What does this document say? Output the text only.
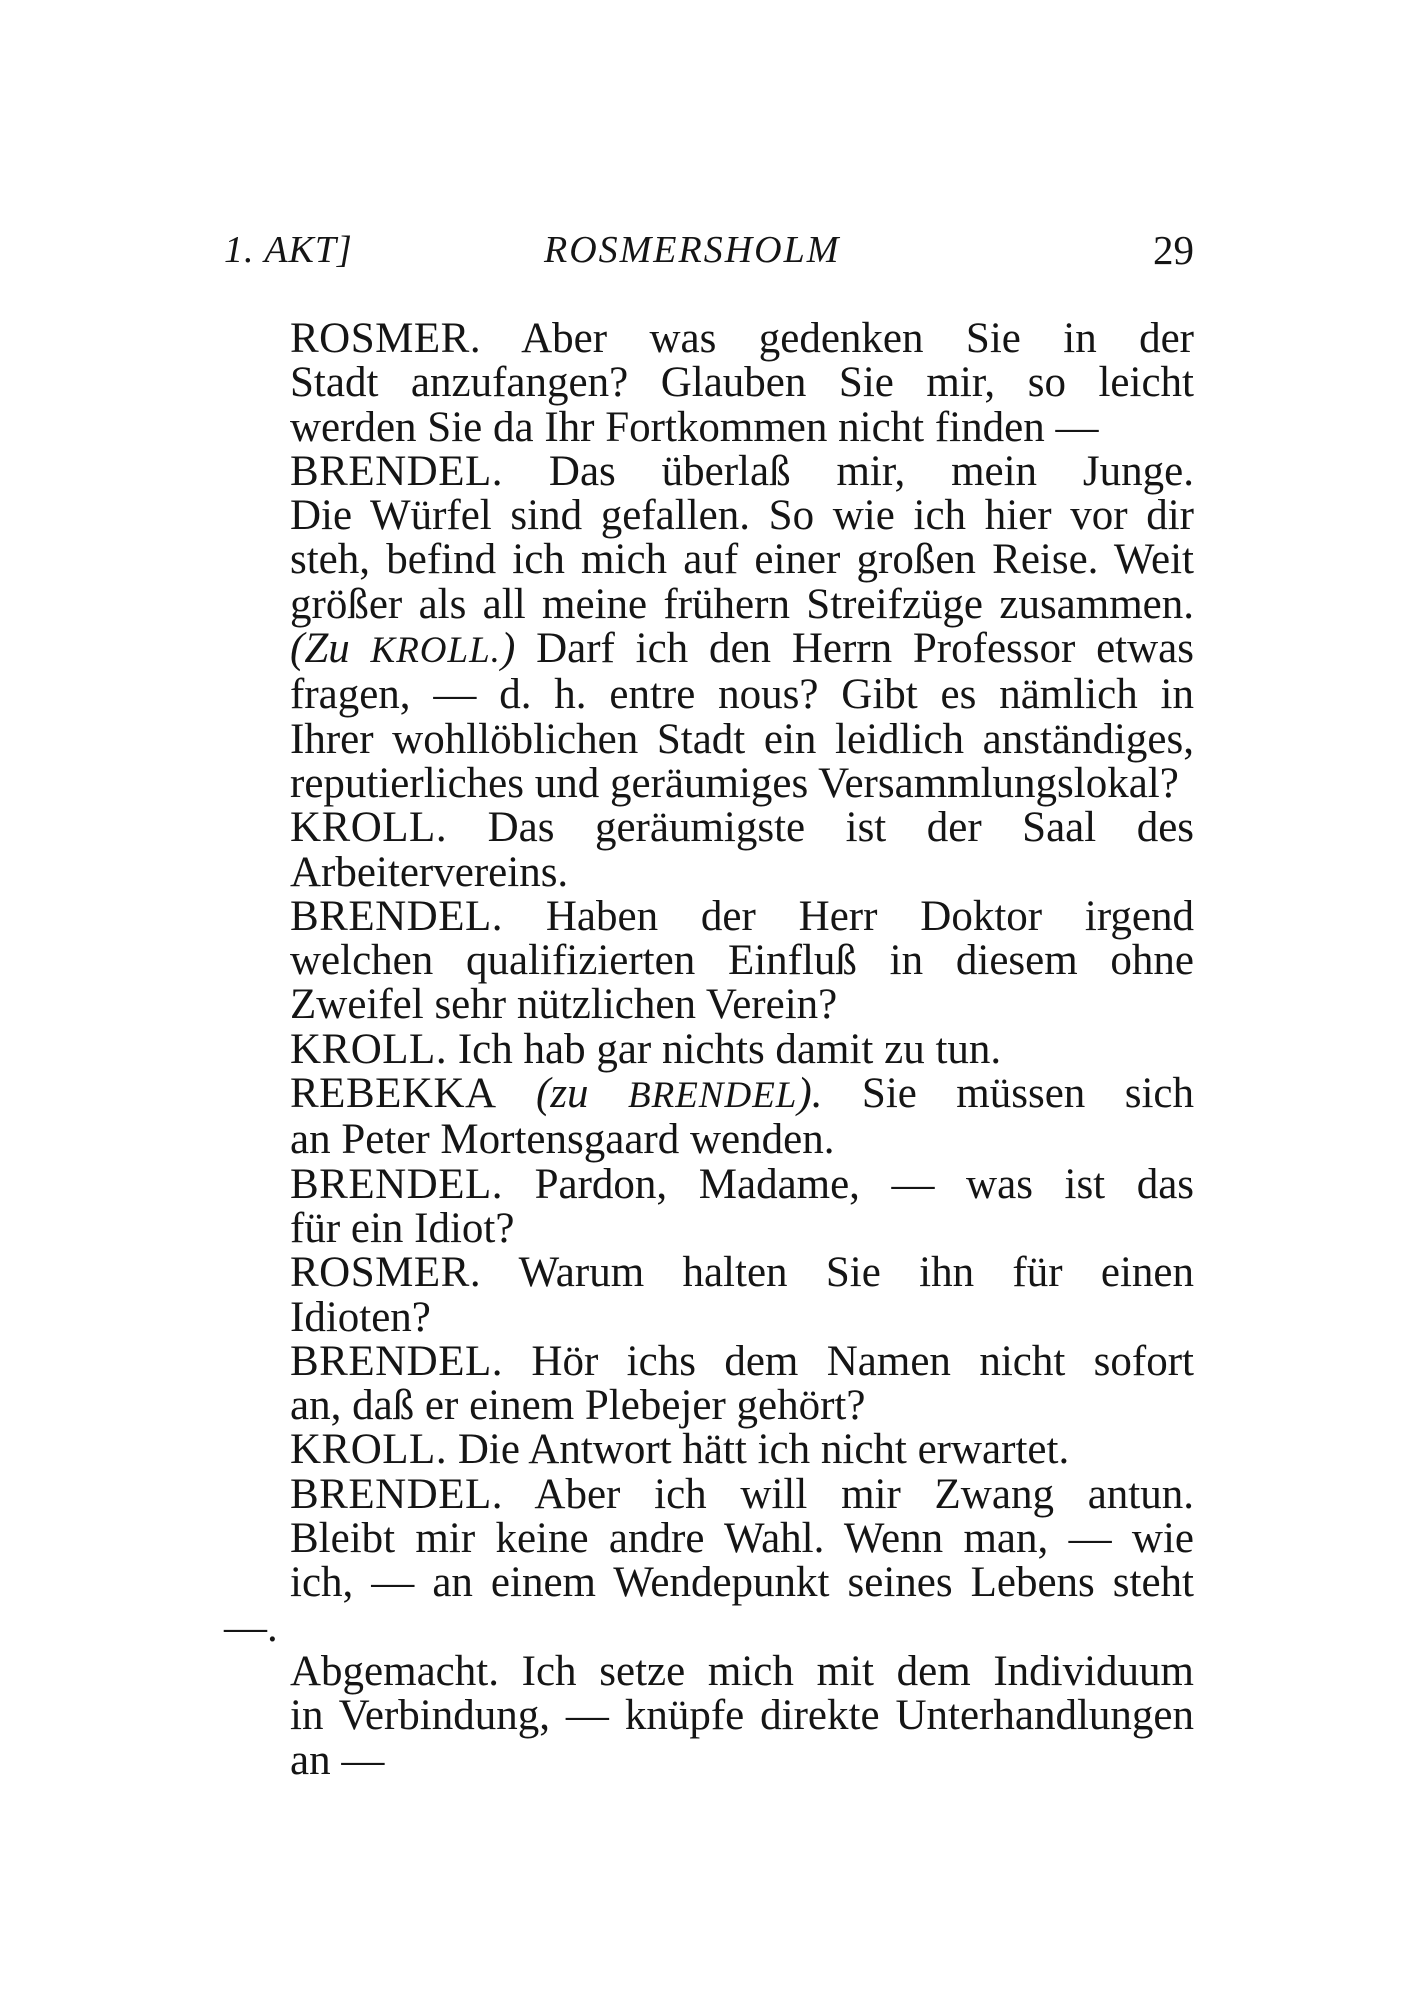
1. AKT]	ROSMERSHOLM	29
ROSMER. Aber was gedenken Sie in der
Stadt anzufangen? Glauben Sie mir, so leicht
werden Sie da Ihr Fortkommen nicht finden —
BRENDEL. Das überlaß mir, mein Junge.
Die Würfel sind gefallen. So wie ich hier vor dir
steh, befind ich mich auf einer großen Reise. Weit
größer als all meine frühern Streifzüge zusammen.
(Zu KROLL.) Darf ich den Herrn Professor etwas
fragen, — d. h. entre nous? Gibt es nämlich in
Ihrer wohllöblichen Stadt ein leidlich anständiges,
reputierliches und geräumiges Versammlungslokal?
KROLL. Das geräumigste ist der Saal des
Arbeitervereins.
BRENDEL. Haben der Herr Doktor irgend
welchen qualifizierten Einfluß in diesem ohne
Zweifel sehr nützlichen Verein?
KROLL. Ich hab gar nichts damit zu tun.
REBEKKA (zu BRENDEL). Sie müssen sich
an Peter Mortensgaard wenden.
BRENDEL. Pardon, Madame, — was ist das
für ein Idiot?
ROSMER. Warum halten Sie ihn für einen
Idioten?
BRENDEL. Hör ichs dem Namen nicht sofort
an, daß er einem Plebejer gehört?
KROLL. Die Antwort hätt ich nicht erwartet.
BRENDEL. Aber ich will mir Zwang antun.
Bleibt mir keine andre Wahl. Wenn man, — wie
ich, — an einem Wendepunkt seines Lebens steht —.
Abgemacht. Ich setze mich mit dem Individuum
in Verbindung, — knüpfe direkte Unterhandlungen
an —
